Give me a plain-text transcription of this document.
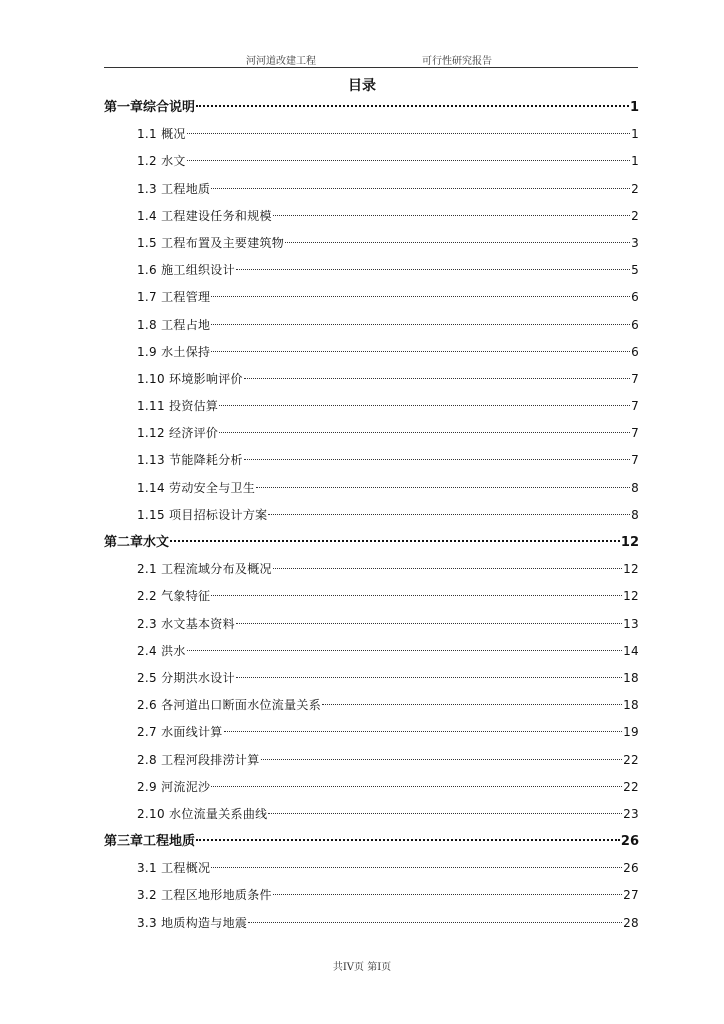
河河道改建工程	可行性研究报告
目录
第一章综合说明	1
1.1 概况	1
1.2 水文	1
1.3 工程地质	2
1.4 工程建设任务和规模	2
1.5 工程布置及主要建筑物	3
1.6 施工组织设计	5
1.7 工程管理	6
1.8 工程占地	6
1.9 水土保持	6
1.10 环境影响评价	7
1.11 投资估算	7
1.12 经济评价	7
1.13 节能降耗分析	7
1.14 劳动安全与卫生	8
1.15 项目招标设计方案	8
第二章水文	12
2.1 工程流域分布及概况	12
2.2 气象特征	12
2.3 水文基本资料	13
2.4 洪水	14
2.5 分期洪水设计	18
2.6 各河道出口断面水位流量关系	18
2.7 水面线计算	19
2.8 工程河段排涝计算	22
2.9 河流泥沙	22
2.10 水位流量关系曲线	23
第三章工程地质	26
3.1 工程概况	26
3.2 工程区地形地质条件	27
3.3 地质构造与地震	28
共IV页 第I页
